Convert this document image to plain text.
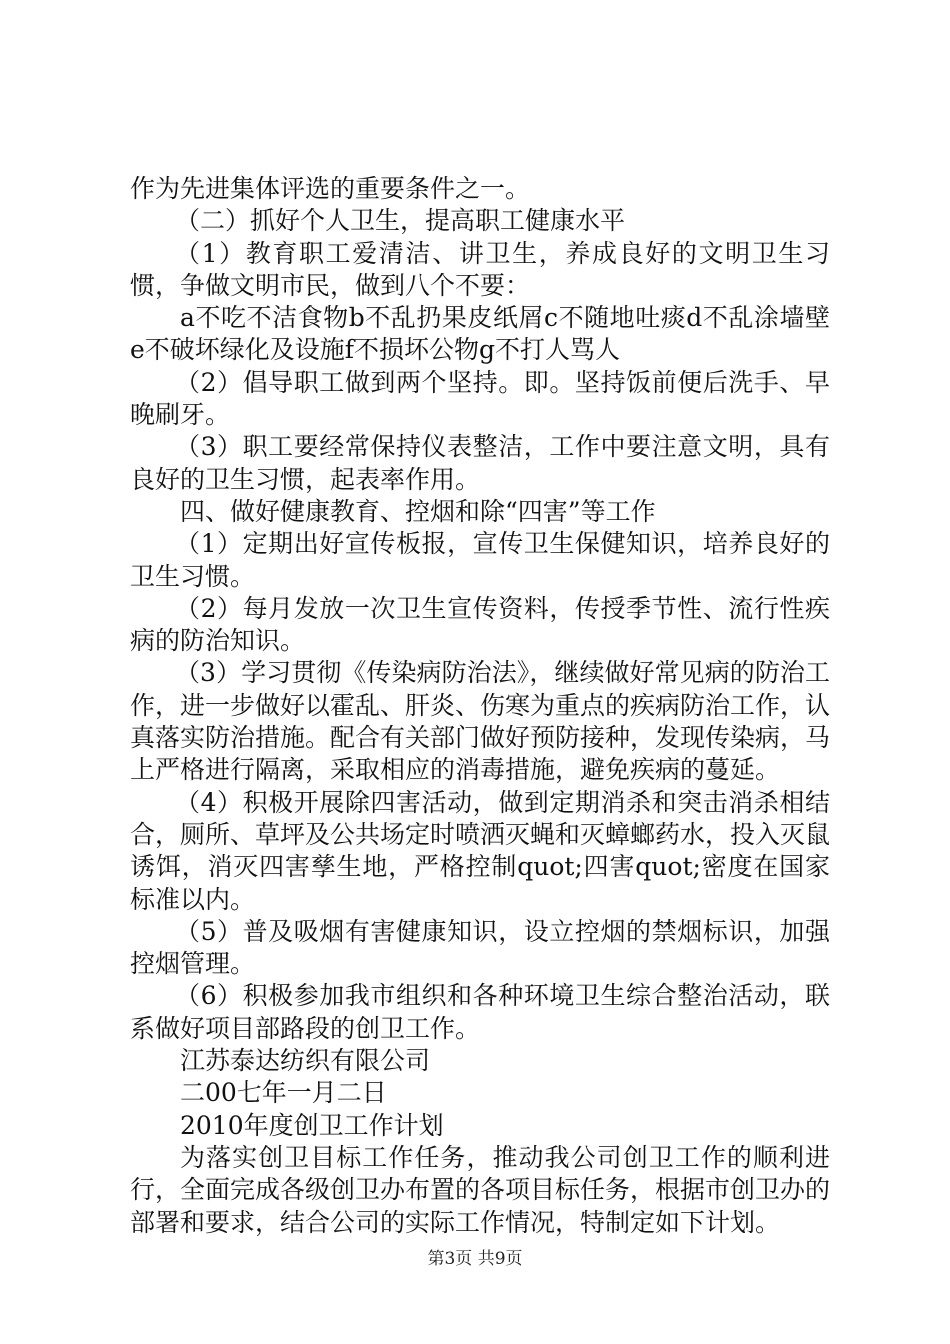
作为先进集体评选的重要条件之一。

（二）抓好个人卫生，提高职工健康水平

（1）教育职工爱清洁、讲卫生，养成良好的文明卫生习惯，争做文明市民，做到八个不要：

a不吃不洁食物b不乱扔果皮纸屑c不随地吐痰d不乱涂墙壁e不破坏绿化及设施f不损坏公物g不打人骂人

（2）倡导职工做到两个坚持。即。坚持饭前便后洗手、早晚刷牙。

（3）职工要经常保持仪表整洁，工作中要注意文明，具有良好的卫生习惯，起表率作用。

四、做好健康教育、控烟和除“四害”等工作

（1）定期出好宣传板报，宣传卫生保健知识，培养良好的卫生习惯。

（2）每月发放一次卫生宣传资料，传授季节性、流行性疾病的防治知识。

（3）学习贯彻《传染病防治法》，继续做好常见病的防治工作，进一步做好以霍乱、肝炎、伤寒为重点的疾病防治工作，认真落实防治措施。配合有关部门做好预防接种，发现传染病，马上严格进行隔离，采取相应的消毒措施，避免疾病的蔓延。

（4）积极开展除四害活动，做到定期消杀和突击消杀相结合，厕所、草坪及公共场定时喷洒灭蝇和灭蟑螂药水，投入灭鼠诱饵，消灭四害孳生地，严格控制quot;四害quot;密度在国家标准以内。

（5）普及吸烟有害健康知识，设立控烟的禁烟标识，加强控烟管理。

（6）积极参加我市组织和各种环境卫生综合整治活动，联系做好项目部路段的创卫工作。

江苏泰达纺织有限公司

二00七年一月二日

2010年度创卫工作计划

为落实创卫目标工作任务，推动我公司创卫工作的顺利进行，全面完成各级创卫办布置的各项目标任务，根据市创卫办的部署和要求，结合公司的实际工作情况，特制定如下计划。

第3页 共9页
